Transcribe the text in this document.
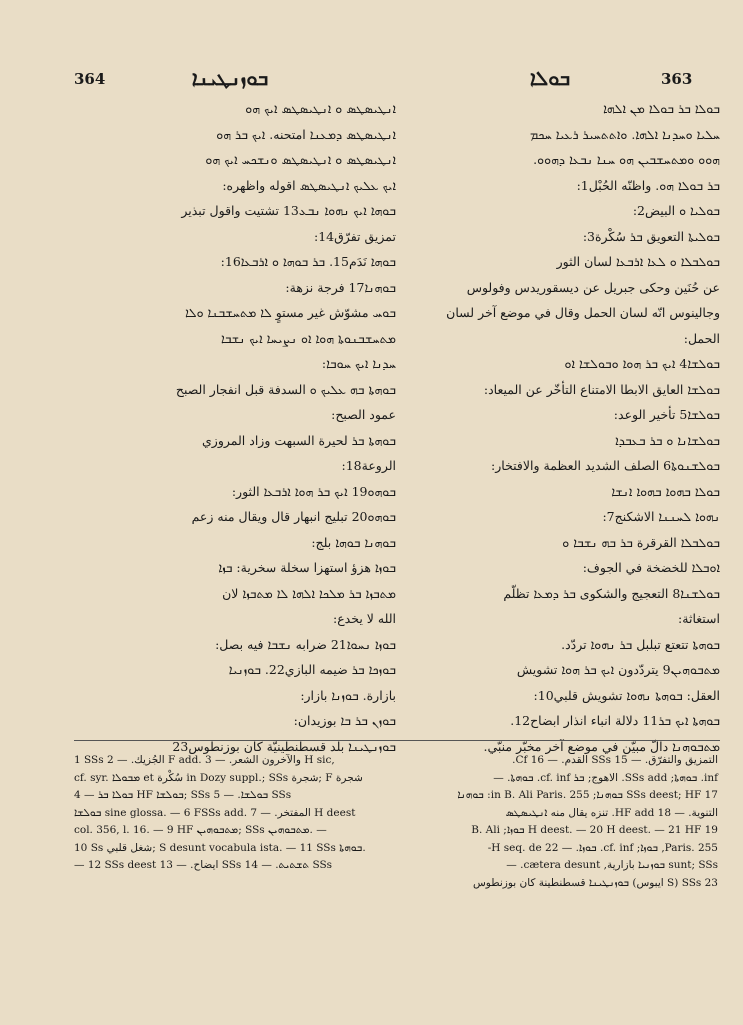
364	ܒܘܙܢܛܝܢܐ	ܒܘܠܐ	363
ܐܢܛܝܣܛܣ ܘ ܐܢܛܝܣܛܣ ܐܝܟ ܗܘ
ܐܢܛܝܣܛܣ ܕܡܥܢܐ امتحنه. ܐܝܟ ܒܪ ܗܘ
ܐܢܛܝܣܛܣ ܘ ܐܢܛܝܣܛܣ ܘܢܫܟܚ ܐܝܟ ܗܘ
ܐܝܟ ܥܠܝܟ ܐܢܛܝܣܛܣ اقوله واظهره:
ܒܘܗܐ ܐܝܟ ܢܗܘܐ ܢܒܥ13 تشتيت واقول تبذير
تمزيق تفرّق14:
ܒܘܗܐ نَدَم15. ܒܪ ܒܘܗܐ ܘ ܐܪܒܥܐ16:
ܒܘܗܢܐ17 فرجة نزهة:
ܒܘܚ مشوّش غير مستوٍ ܠܐ ܡܬܚܫܒܢܐ ܘܠܐ
ܡܬܚܫܒܢܘܬܐ ܗܘܐ ܐܘ ܢܨܝܚܐ ܐܝܟ ܢܫܒܐ
ܚܕܢܐ ܐܝܟ ܚܘܒܐ:
ܒܘܗܬܐ ܒܗ ܥܠܝܟ ܘ السدفة قبل انفجار الصبح
عمود الصبح:
ܒܘܗܬܐ ܒܪ لحيرة السبهت وزاد المروزي
الروعة18:
ܒܘܗܘ19 ܐܝܟ ܒܪ ܗܘܐ ܐܪܒܥܐ الثور:
ܒܘܗܘ20 تبليج انبهار قال ويقال منه زعم
ܒܘܗܢܐ ܒܘܗܐ بلج:
ܒܘܙܐ هزؤ استهزا سخلة سخرية: ܒܙܐ
ܡܬܒܙܐ ܒܪ ܡܠܟܐ ܐܠܗܐ ܠܐ ܡܬܒܙܐ لان
الله لا يخدع:
ܒܘܙܐ ܢܚܘܐ21 ضرابه ܢܫܒܐ فيه بصل:
ܒܘܙܟܐ ܒܪ ضيمه البازي22. ܒܘܙܢܝܐ
بازارة. ܒܘܙܢܐ بازار:
ܒܘܙܢ ܒܪ ܒܐ بوزيدان:
ܒܘܙܢܛܝܢܐ بلد قسطنطينيّة كان بوزنطوس23
ܒܘܠܐ ܒܪ ܒܘܠܐ ܡܢ ܐܠܗܐ
ܚܠܝܐ ܘܚܕܢܐ ܐܠܗܐ. ܘܐܬܬܚܝܪ ܪܥܝܐ ܚܟܡ
ܗܘܘ ܘܡܬܚܫܒܝܢ ܗܘ ܚܢܐ ܢܒܥܐ ܕܗܘܘ.
ܒܪ ܒܘܠܐ ܗܘ. واظنّه الحُبْل1:
ܒܘܠܝܐ ܘ البيض2:
ܒܘܠܝܬܐ التعويق ܒܪ سُكْرة3:
ܒܘܠܒܠܐ ܘ ܠܥܐ ܐܪܒܥܐ لسان الثور
عن حُنَين وحكى جبريل عن ديسقوريدس وفولوس
وجالينوس انّه لسان الحمل وقال في موضع آخر لسان
الحمل:
ܒܘܠܫܐ4 ܐܝܟ ܒܪ ܗܘܐ ܘܒܘܠܫܐ ܐܘ
ܒܘܠܫܐ العايق الابطا الامتناع التأخّر عن الميعاد:
ܒܘܠܫܐ5 تأخير الوعد:
ܒܘܠܫܐܢܐ ܘ ܒܪ ܒܥܒܕܐ
ܒܘܠܫܢܘܬܐ6 الصلف الشديد العظمة والافتخار:
ܒܘܠܐ ܒܗܘܐ ܒܗܘܐ ܐܢܫܐ
ܢܗܘܐ ܠܚܢܢܐ الاشكنج7:
ܒܘܠܒܠܐ القرقرة ܒܪ ܒܗ ܢܫܒܐ ܘ
ܐܘܒܠܐ للخضخة في الجوف:
ܒܘܠܫܢܐ8 التعجيج والشكوى ܒܪ ܕܡܥܐ تظلّم
استغاثة:
ܒܘܗܬܐ تتعتع تبلبل ܒܪ ܢܗܘܐ تردّد.
ܡܬܒܘܗܝܢ9 يتردّدون ܐܝܟ ܒܪ ܗܘܐ تشويش
العقل: ܒܘܗܬܐ ܢܗܘܐ تشويش قلبي10:
ܒܘܗܬܐ ܐܝܟ ܒܪ11 دلالة انباء انذار ابضاح12.
ܡܬܒܘܗܢܐ دالّ مبيّن في موضع آخر مخبّر منبّي.
1 SSs الجُزيك. — 2 F add. والآخرون الشعر. — 3 H sic,
cf. syr. ܡܒܘܠܐ et سُكْرة in Dozy suppl.; SSs شجرة; F شجرة
ܒܘܠܐ ܒܪ — 4 HF ܒܘܠܫܐ; SSs ܒܘܠܫܐ. — 5 SSs
ܒܘܠܫܐ sine glossa. — 6 FSSs add. المفتخر. — 7 H deest
col. 356, l. 16. — 9 HF ܡܬܒܘܗܝܢ; SSs ܡܬܒܘܗܝܢ. —
10 Ss شغل قلبي; S desunt vocabula ista. — 11 SSs ܒܘܗܬܐ.
— 12 SSs deest ايضاح. — 13 SSs ܬܫܬܝܬ. — 14 SSs
التمزيق والتفرّق. — 15 SSs القدم. — 16 Cf.
inf. ܒܘܗܬܐ; SSs add. الاهوج; ܒܪ cf. inf. ܒܘܗܬܐ. —
17 SSs deest; HF ܒܘܗܢܐ; in B. Ali Paris. 255: ܒܘܗܢܐ
التنوية. — 18 HF add. تنزه يقال منه ܐܢܛܝܣܛܣ
19 H deest. — 20 H deest. — 21 HF ܒܘܙܐ; B. Ali
Paris. 255, ܒܘܙܐ; cf. inf. ܒܘܙܐ. — 22 H seq. de-
sunt; SSs ܒܘܙܢܝܐ بازارية, cætera desunt. —
23 SSs (S ايبوس) ܒܘܙܢܛܝܢܐ قسطنطينة كان بوزنطوس
